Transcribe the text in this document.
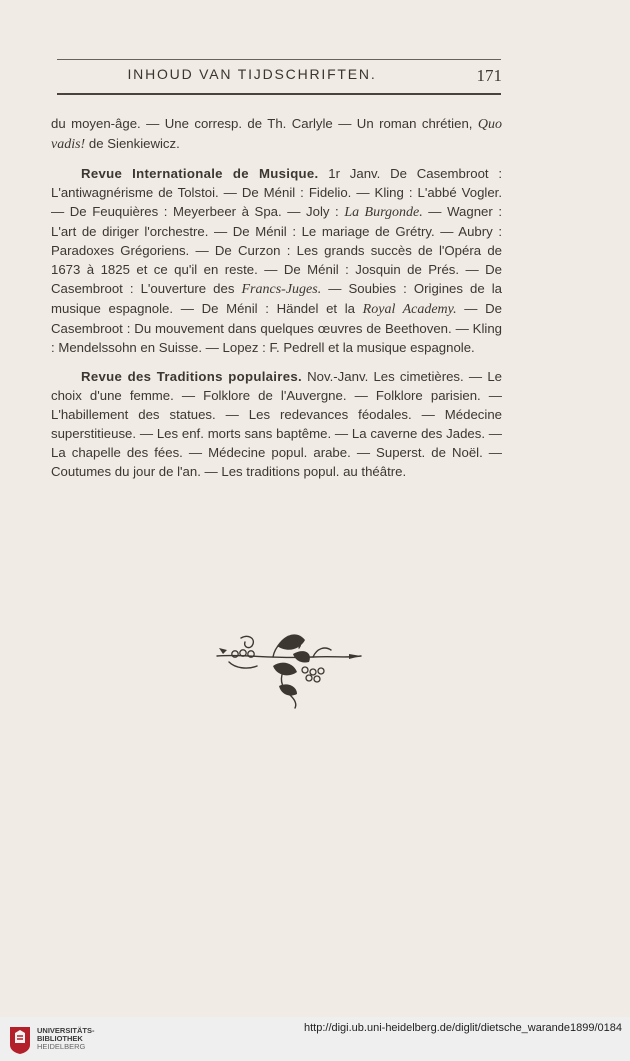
INHOUD VAN TIJDSCHRIFTEN.	171

du moyen-âge. — Une corresp. de Th. Carlyle — Un roman chrétien, Quo vadis! de Sienkiewicz.

Revue Internationale de Musique. 1r Janv. De Casembroot : L'antiwagnérisme de Tolstoi. — De Ménil : Fidelio. — Kling : L'abbé Vogler. — De Feuquières : Meyerbeer à Spa. — Joly : La Burgonde. — Wagner : L'art de diriger l'orchestre. — De Ménil : Le mariage de Grétry. — Aubry : Paradoxes Grégoriens. — De Curzon : Les grands succès de l'Opéra de 1673 à 1825 et ce qu'il en reste. — De Ménil : Josquin de Prés. — De Casembroot : L'ouverture des Francs-Juges. — Soubies : Origines de la musique espagnole. — De Ménil : Händel et la Royal Academy. — De Casembroot : Du mouvement dans quelques œuvres de Beethoven. — Kling : Mendelssohn en Suisse. — Lopez : F. Pedrell et la musique espagnole.

Revue des Traditions populaires. Nov.-Janv. Les cimetières. — Le choix d'une femme. — Folklore de l'Auvergne. — Folklore parisien. — L'habillement des statues. — Les redevances féodales. — Médecine superstitieuse. — Les enf. morts sans baptême. — La caverne des Jades. — La chapelle des fées. — Médecine popul. arabe. — Superst. de Noël. — Coutumes du jour de l'an. — Les traditions popul. au théâtre.

UNIVERSITÄTS-
BIBLIOTHEK
HEIDELBERG
http://digi.ub.uni-heidelberg.de/diglit/dietsche_warande1899/0184
